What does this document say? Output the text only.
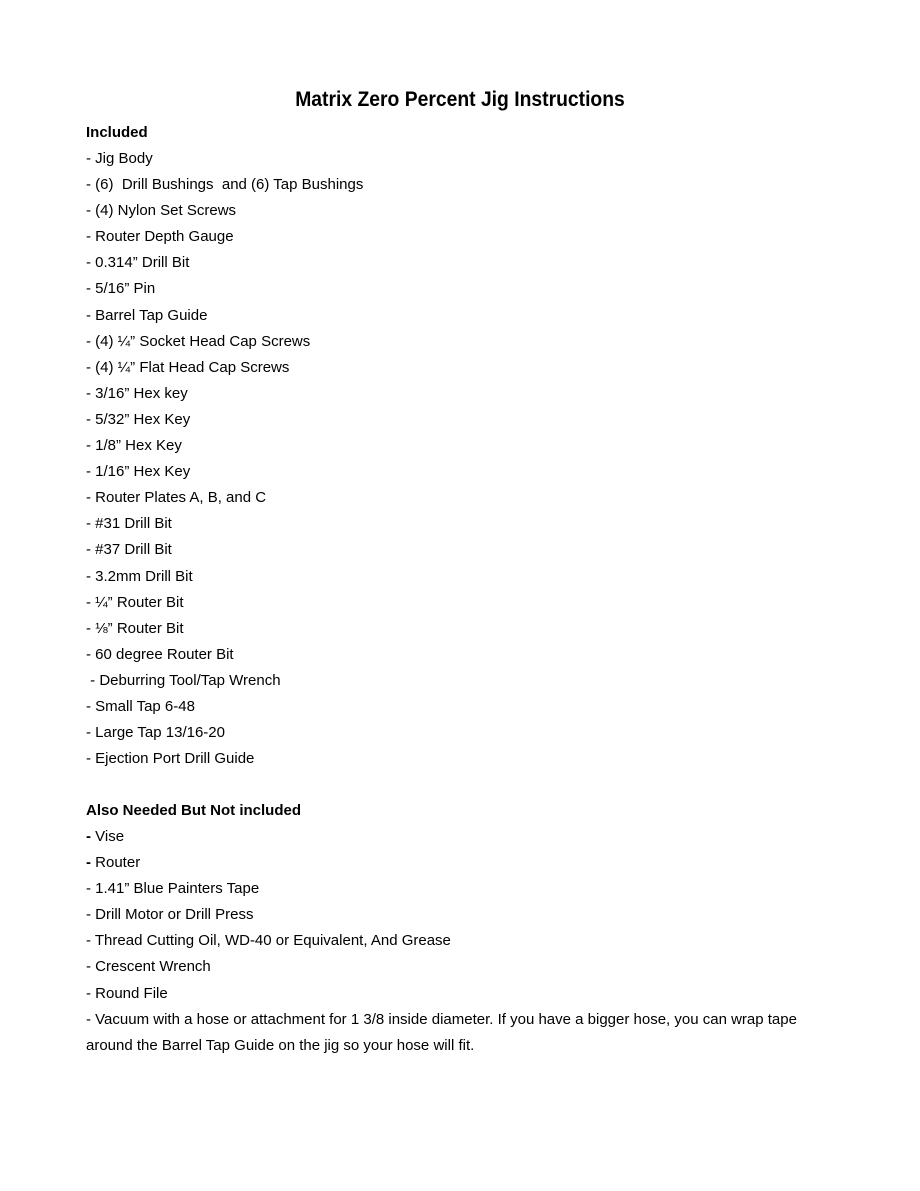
Matrix Zero Percent Jig Instructions
Included
- Jig Body
- (6)  Drill Bushings  and (6) Tap Bushings
- (4) Nylon Set Screws
- Router Depth Gauge
- 0.314” Drill Bit
- 5/16” Pin
- Barrel Tap Guide
- (4) ¼” Socket Head Cap Screws
- (4) ¼” Flat Head Cap Screws
- 3/16” Hex key
- 5/32” Hex Key
- 1/8” Hex Key
- 1/16” Hex Key
- Router Plates A, B, and C
- #31 Drill Bit
- #37 Drill Bit
- 3.2mm Drill Bit
- ¼” Router Bit
- ⅛” Router Bit
- 60 degree Router Bit
- Deburring Tool/Tap Wrench
- Small Tap 6-48
- Large Tap 13/16-20
- Ejection Port Drill Guide
Also Needed But Not included
- Vise
- Router
- 1.41” Blue Painters Tape
- Drill Motor or Drill Press
- Thread Cutting Oil, WD-40 or Equivalent, And Grease
- Crescent Wrench
- Round File
- Vacuum with a hose or attachment for 1 3/8 inside diameter. If you have a bigger hose, you can wrap tape around the Barrel Tap Guide on the jig so your hose will fit.
